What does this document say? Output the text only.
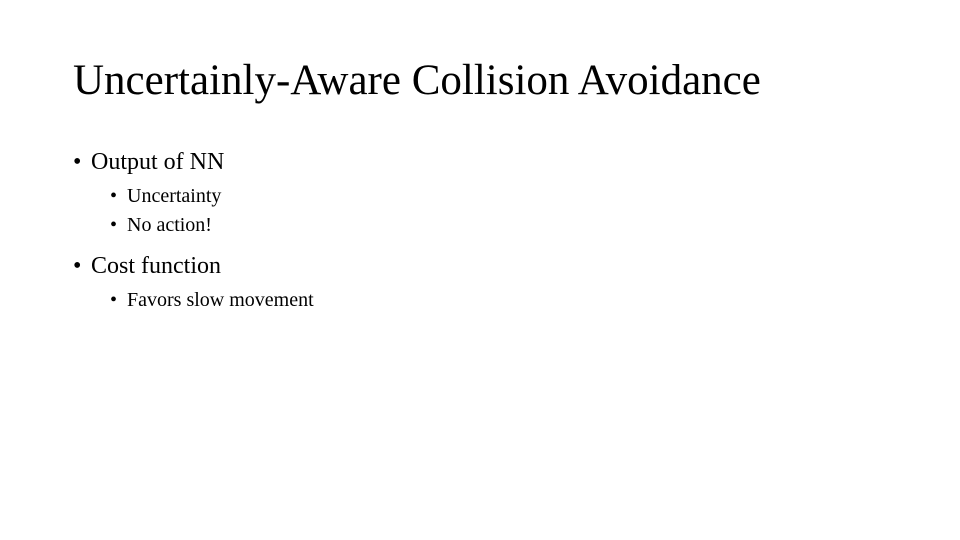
Uncertainly-Aware Collision Avoidance
• Output of NN
• Uncertainty
• No action!
• Cost function
• Favors slow movement
